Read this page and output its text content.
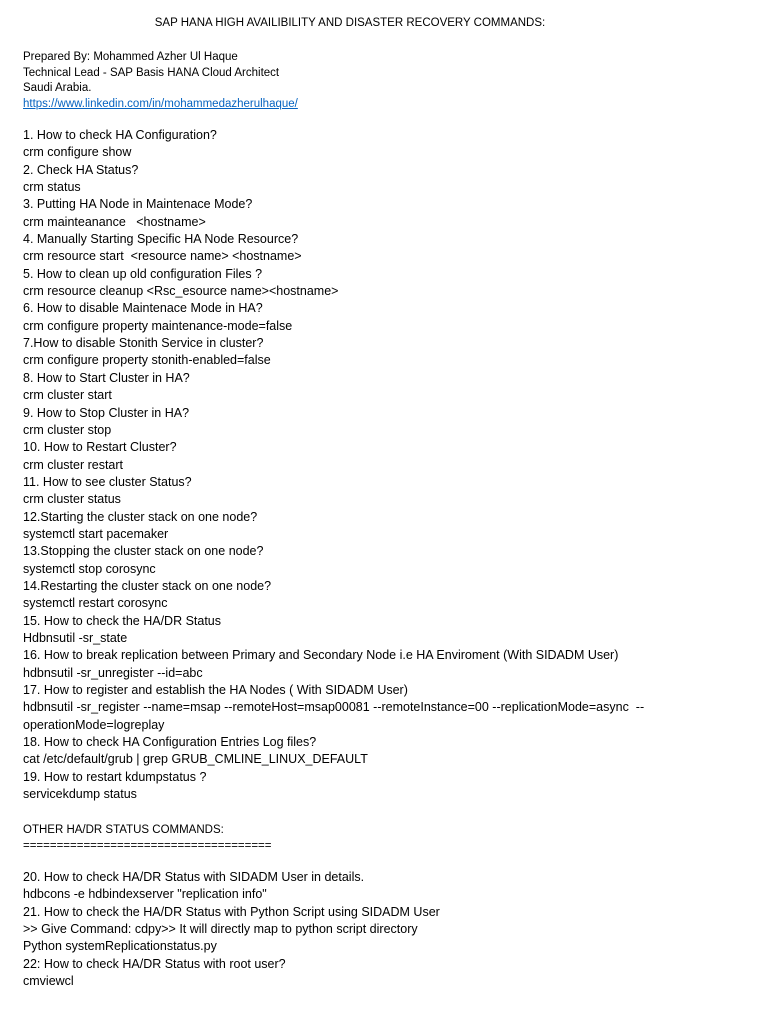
SAP HANA HIGH AVAILIBILITY AND DISASTER RECOVERY COMMANDS:
Prepared By: Mohammed Azher Ul Haque
Technical Lead - SAP Basis HANA Cloud Architect
Saudi Arabia.
https://www.linkedin.com/in/mohammedazherulhaque/
1. How to check HA Configuration?
crm configure show
2. Check HA Status?
crm status
3. Putting HA Node in Maintenace Mode?
crm mainteanance   <hostname>
4. Manually Starting Specific HA Node Resource?
crm resource start  <resource name> <hostname>
5. How to clean up old configuration Files ?
crm resource cleanup <Rsc_esource name><hostname>
6. How to disable Maintenace Mode in HA?
crm configure property maintenance-mode=false
7.How to disable Stonith Service in cluster?
crm configure property stonith-enabled=false
8. How to Start Cluster in HA?
crm cluster start
9. How to Stop Cluster in HA?
crm cluster stop
10. How to Restart Cluster?
crm cluster restart
11. How to see cluster Status?
crm cluster status
12.Starting the cluster stack on one node?
systemctl start pacemaker
13.Stopping the cluster stack on one node?
systemctl stop corosync
14.Restarting the cluster stack on one node?
systemctl restart corosync
15. How to check the HA/DR Status
Hdbnsutil -sr_state
16. How to break replication between Primary and Secondary Node i.e HA Enviroment (With SIDADM User)
hdbnsutil -sr_unregister --id=abc
17. How to register and establish the HA Nodes ( With SIDADM User)
hdbnsutil -sr_register --name=msap --remoteHost=msap00081 --remoteInstance=00 --replicationMode=async  --
operationMode=logreplay
18. How to check HA Configuration Entries Log files?
cat /etc/default/grub | grep GRUB_CMLINE_LINUX_DEFAULT
19. How to restart kdumpstatus ?
servicekdump status
OTHER HA/DR STATUS COMMANDS:
=====================================
20. How to check HA/DR Status with SIDADM User in details.
hdbcons -e hdbindexserver "replication info"
21. How to check the HA/DR Status with Python Script using SIDADM User
>> Give Command: cdpy>> It will directly map to python script directory
Python systemReplicationstatus.py
22: How to check HA/DR Status with root user?
cmviewcl
